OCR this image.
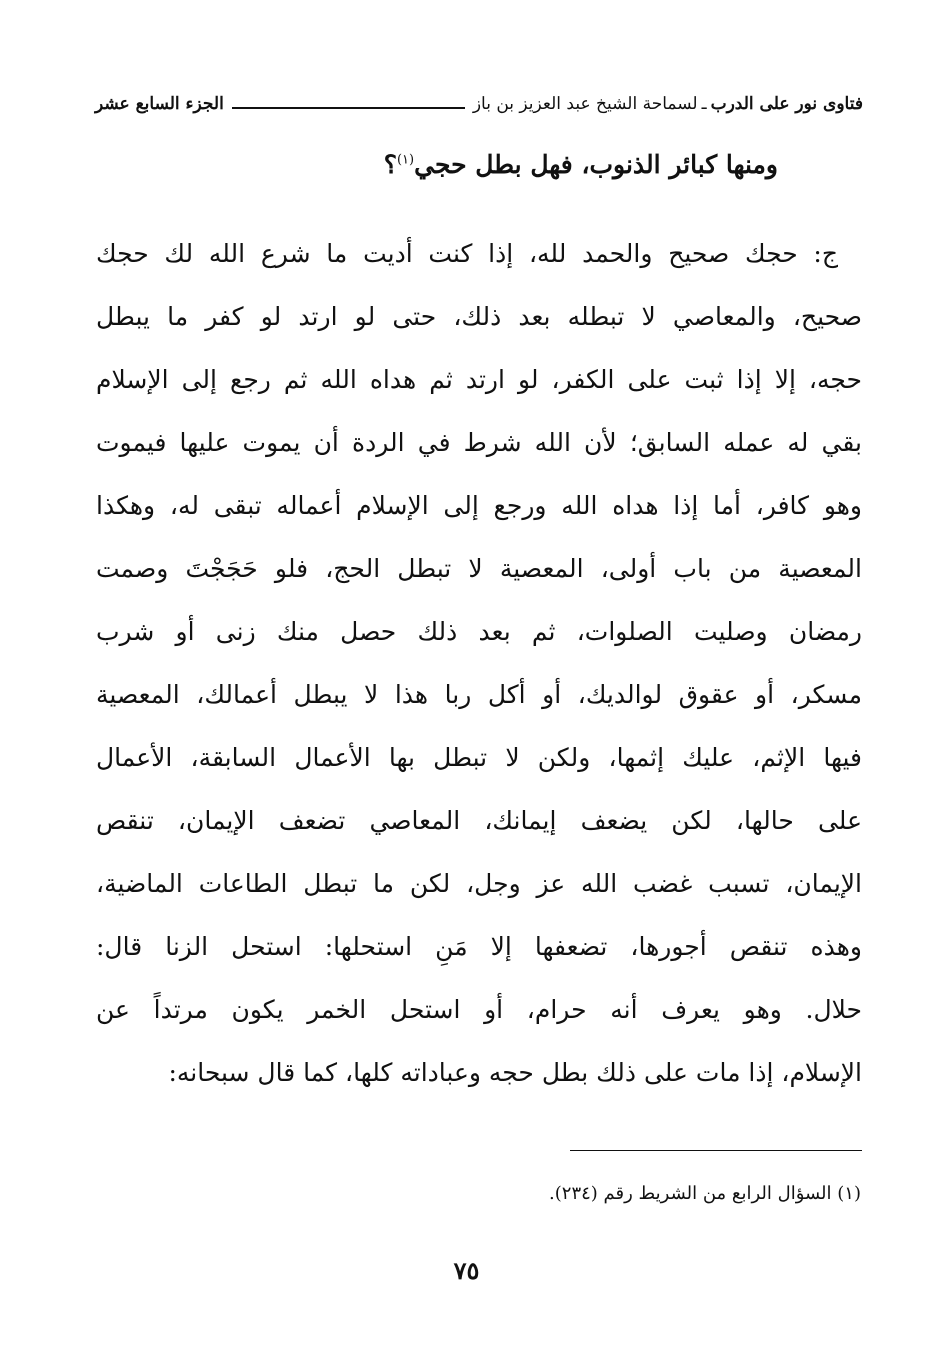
فتاوى نور على الدرب
ـ
لسماحة الشيخ عبد العزيز بن باز
الجزء السابع عشر
ومنها كبائر الذنوب، فهل بطل حجي$^{(١)}$؟
ج: حجك صحيح والحمد لله، إذا كنت أديت ما شرع الله لك حجك
صحيح، والمعاصي لا تبطله بعد ذلك، حتى لو ارتد لو كفر ما يبطل
حجه، إلا إذا ثبت على الكفر، لو ارتد ثم هداه الله ثم رجع إلى الإسلام
بقي له عمله السابق؛ لأن الله شرط في الردة أن يموت عليها فيموت
وهو كافر، أما إذا هداه الله ورجع إلى الإسلام أعماله تبقى له، وهكذا
المعصية من باب أولى، المعصية لا تبطل الحج، فلو حَجَجْتَ وصمت
رمضان وصليت الصلوات، ثم بعد ذلك حصل منك زنى أو شرب
مسكر، أو عقوق لوالديك، أو أكل ربا هذا لا يبطل أعمالك، المعصية
فيها الإثم، عليك إثمها، ولكن لا تبطل بها الأعمال السابقة، الأعمال
على حالها، لكن يضعف إيمانك، المعاصي تضعف الإيمان، تنقص
الإيمان، تسبب غضب الله عز وجل، لكن ما تبطل الطاعات الماضية،
وهذه تنقص أجورها، تضعفها إلا مَنِ استحلها: استحل الزنا قال:
حلال. وهو يعرف أنه حرام، أو استحل الخمر يكون مرتداً عن
الإسلام، إذا مات على ذلك بطل حجه وعباداته كلها، كما قال سبحانه:
(١) السؤال الرابع من الشريط رقم (٢٣٤).
٧٥
